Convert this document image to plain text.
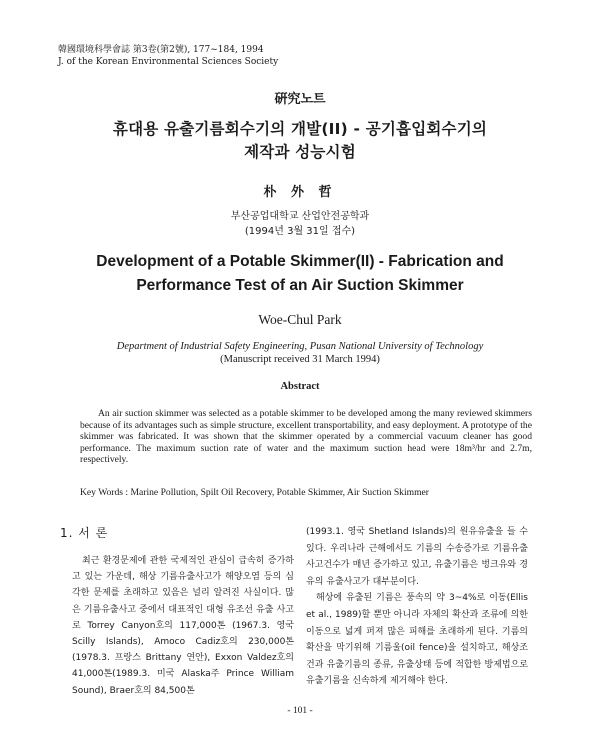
韓國環境科學會誌 第3卷(第2號), 177~184, 1994
J. of the Korean Environmental Sciences Society
硏究노트
휴대용 유출기름회수기의 개발(II) - 공기흡입회수기의
제작과 성능시험
朴 外 哲
부산공업대학교 산업안전공학과
(1994년 3월 31일 접수)
Development of a Potable Skimmer(II) - Fabrication and
Performance Test of an Air Suction Skimmer
Woe-Chul Park
Department of Industrial Safety Engineering, Pusan National University of Technology
(Manuscript received 31 March 1994)
Abstract
An air suction skimmer was selected as a potable skimmer to be developed among the many reviewed skimmers because of its advantages such as simple structure, excellent transportability, and easy deployment. A prototype of the skimmer was fabricated. It was shown that the skimmer operated by a commercial vacuum cleaner has good performance. The maximum suction rate of water and the maximum suction head were 18m³/hr and 2.7m, respectively.
Key Words : Marine Pollution, Spilt Oil Recovery, Potable Skimmer, Air Suction Skimmer
1. 서 론

최근 환경문제에 관한 국제적인 관심이 급속히 증가하고 있는 가운데, 해상 기름유출사고가 해양오염 등의 심각한 문제를 초래하고 있음은 널리 알려진 사실이다. 많은 기름유출사고 중에서 대표적인 대형 유조선 유출 사고로 Torrey Canyon호의 117,000톤 (1967.3. 영국 Scilly Islands), Amoco Cadiz호의 230,000톤(1978.3. 프랑스 Brittany 연안), Exxon Valdez호의 41,000톤(1989.3. 미국 Alaska주 Prince William Sound), Braer호의 84,500톤

(1993.1. 영국 Shetland Islands)의 원유유출을 들 수 있다. 우리나라 근해에서도 기름의 수송증가로 기름유출 사고건수가 매년 증가하고 있고, 유출기름은 벙크유와 경유의 유출사고가 대부분이다.

해상에 유출된 기름은 풍속의 약 3~4%로 이동(Ellis et al., 1989)할 뿐만 아니라 자체의 확산과 조류에 의한 이동으로 넓게 퍼져 많은 피해를 초래하게 된다. 기름의 확산을 막기위해 기름울(oil fence)을 설치하고, 해상조건과 유출기름의 종류, 유출상태 등에 적합한 방제법으로 유출기름을 신속하게 제거해야 한다.

- 101 -
